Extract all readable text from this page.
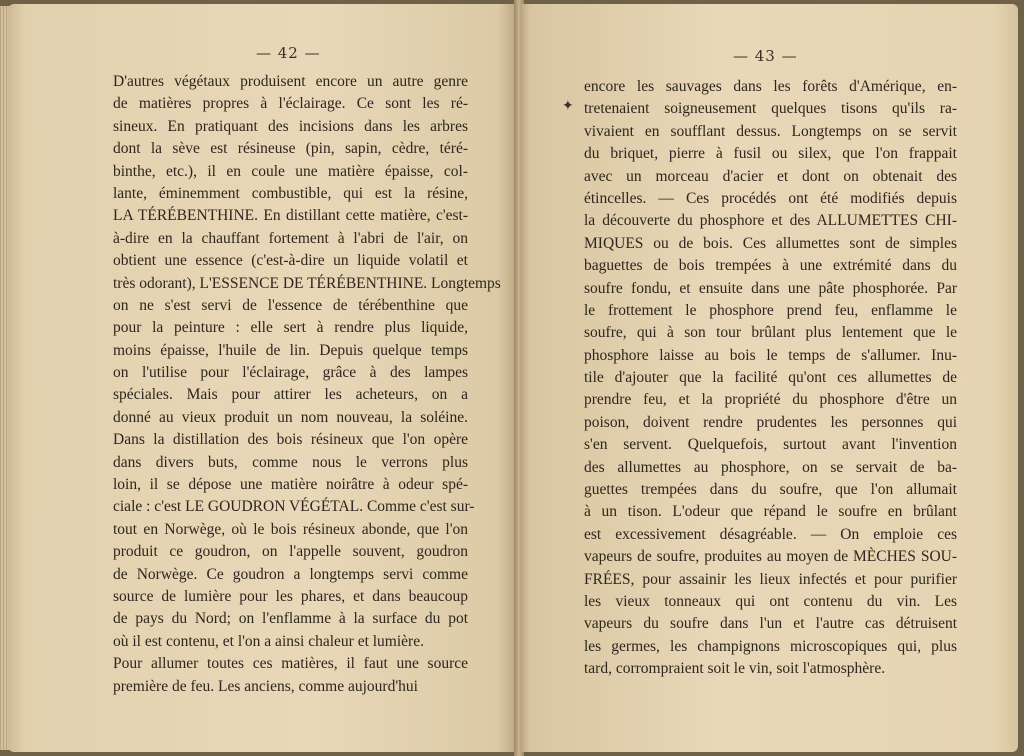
— 42 —
D'autres végétaux produisent encore un autre genre
de matières propres à l'éclairage. Ce sont les ré-
sineux. En pratiquant des incisions dans les arbres
dont la sève est résineuse (pin, sapin, cèdre, téré-
binthe, etc.), il en coule une matière épaisse, col-
lante, éminemment combustible, qui est la résine,
LA TÉRÉBENTHINE. En distillant cette matière, c'est-
à-dire en la chauffant fortement à l'abri de l'air, on
obtient une essence (c'est-à-dire un liquide volatil et
très odorant), L'ESSENCE DE TÉRÉBENTHINE. Longtemps
on ne s'est servi de l'essence de térébenthine que
pour la peinture : elle sert à rendre plus liquide,
moins épaisse, l'huile de lin. Depuis quelque temps
on l'utilise pour l'éclairage, grâce à des lampes
spéciales. Mais pour attirer les acheteurs, on a
donné au vieux produit un nom nouveau, la soléine.
Dans la distillation des bois résineux que l'on opère
dans divers buts, comme nous le verrons plus
loin, il se dépose une matière noirâtre à odeur spé-
ciale : c'est LE GOUDRON VÉGÉTAL. Comme c'est sur-
tout en Norwège, où le bois résineux abonde, que l'on
produit ce goudron, on l'appelle souvent, goudron
de Norwège. Ce goudron a longtemps servi comme
source de lumière pour les phares, et dans beaucoup
de pays du Nord; on l'enflamme à la surface du pot
où il est contenu, et l'on a ainsi chaleur et lumière.
Pour allumer toutes ces matières, il faut une source
première de feu. Les anciens, comme aujourd'hui
— 43 —
✦
encore les sauvages dans les forêts d'Amérique, en-
tretenaient soigneusement quelques tisons qu'ils ra-
vivaient en soufflant dessus. Longtemps on se servit
du briquet, pierre à fusil ou silex, que l'on frappait
avec un morceau d'acier et dont on obtenait des
étincelles. — Ces procédés ont été modifiés depuis
la découverte du phosphore et des ALLUMETTES CHI-
MIQUES ou de bois. Ces allumettes sont de simples
baguettes de bois trempées à une extrémité dans du
soufre fondu, et ensuite dans une pâte phosphorée. Par
le frottement le phosphore prend feu, enflamme le
soufre, qui à son tour brûlant plus lentement que le
phosphore laisse au bois le temps de s'allumer. Inu-
tile d'ajouter que la facilité qu'ont ces allumettes de
prendre feu, et la propriété du phosphore d'être un
poison, doivent rendre prudentes les personnes qui
s'en servent. Quelquefois, surtout avant l'invention
des allumettes au phosphore, on se servait de ba-
guettes trempées dans du soufre, que l'on allumait
à un tison. L'odeur que répand le soufre en brûlant
est excessivement désagréable. — On emploie ces
vapeurs de soufre, produites au moyen de MÈCHES SOU-
FRÉES, pour assainir les lieux infectés et pour purifier
les vieux tonneaux qui ont contenu du vin. Les
vapeurs du soufre dans l'un et l'autre cas détruisent
les germes, les champignons microscopiques qui, plus
tard, corrompraient soit le vin, soit l'atmosphère.
